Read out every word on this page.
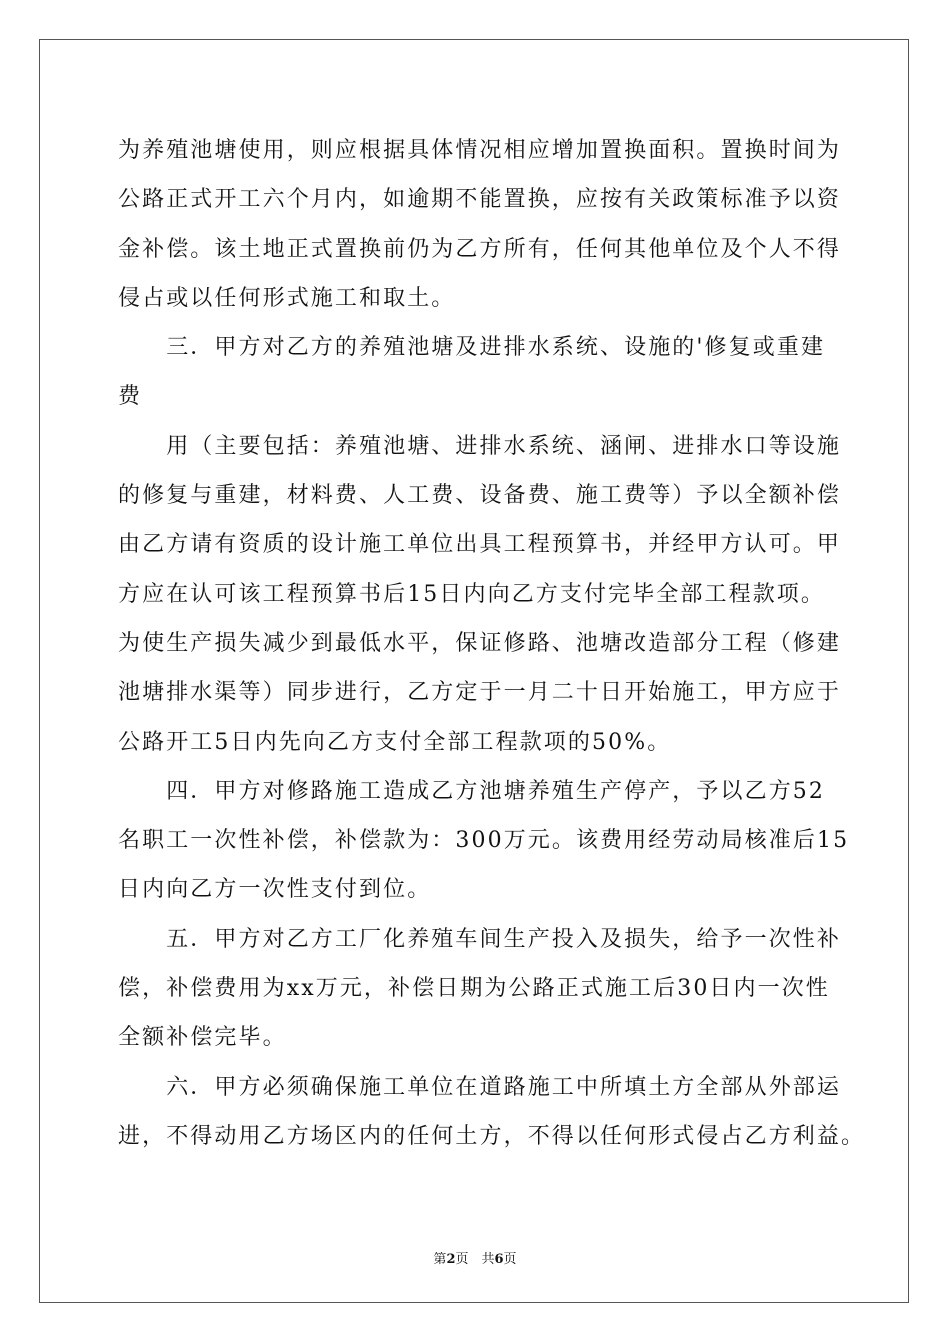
为养殖池塘使用，则应根据具体情况相应增加置换面积。置换时间为
公路正式开工六个月内，如逾期不能置换，应按有关政策标准予以资
金补偿。该土地正式置换前仍为乙方所有，任何其他单位及个人不得
侵占或以任何形式施工和取土。
　　三．甲方对乙方的养殖池塘及进排水系统、设施的'修复或重建
费
　　用（主要包括：养殖池塘、进排水系统、涵闸、进排水口等设施
的修复与重建，材料费、人工费、设备费、施工费等）予以全额补偿
由乙方请有资质的设计施工单位出具工程预算书，并经甲方认可。甲
方应在认可该工程预算书后15日内向乙方支付完毕全部工程款项。
为使生产损失减少到最低水平，保证修路、池塘改造部分工程（修建
池塘排水渠等）同步进行，乙方定于一月二十日开始施工，甲方应于
公路开工5日内先向乙方支付全部工程款项的50%。
　　四．甲方对修路施工造成乙方池塘养殖生产停产，予以乙方52
名职工一次性补偿，补偿款为：300万元。该费用经劳动局核准后15
日内向乙方一次性支付到位。
　　五．甲方对乙方工厂化养殖车间生产投入及损失，给予一次性补
偿，补偿费用为xx万元，补偿日期为公路正式施工后30日内一次性
全额补偿完毕。
　　六．甲方必须确保施工单位在道路施工中所填土方全部从外部运
进，不得动用乙方场区内的任何土方，不得以任何形式侵占乙方利益。
第2页　共6页
